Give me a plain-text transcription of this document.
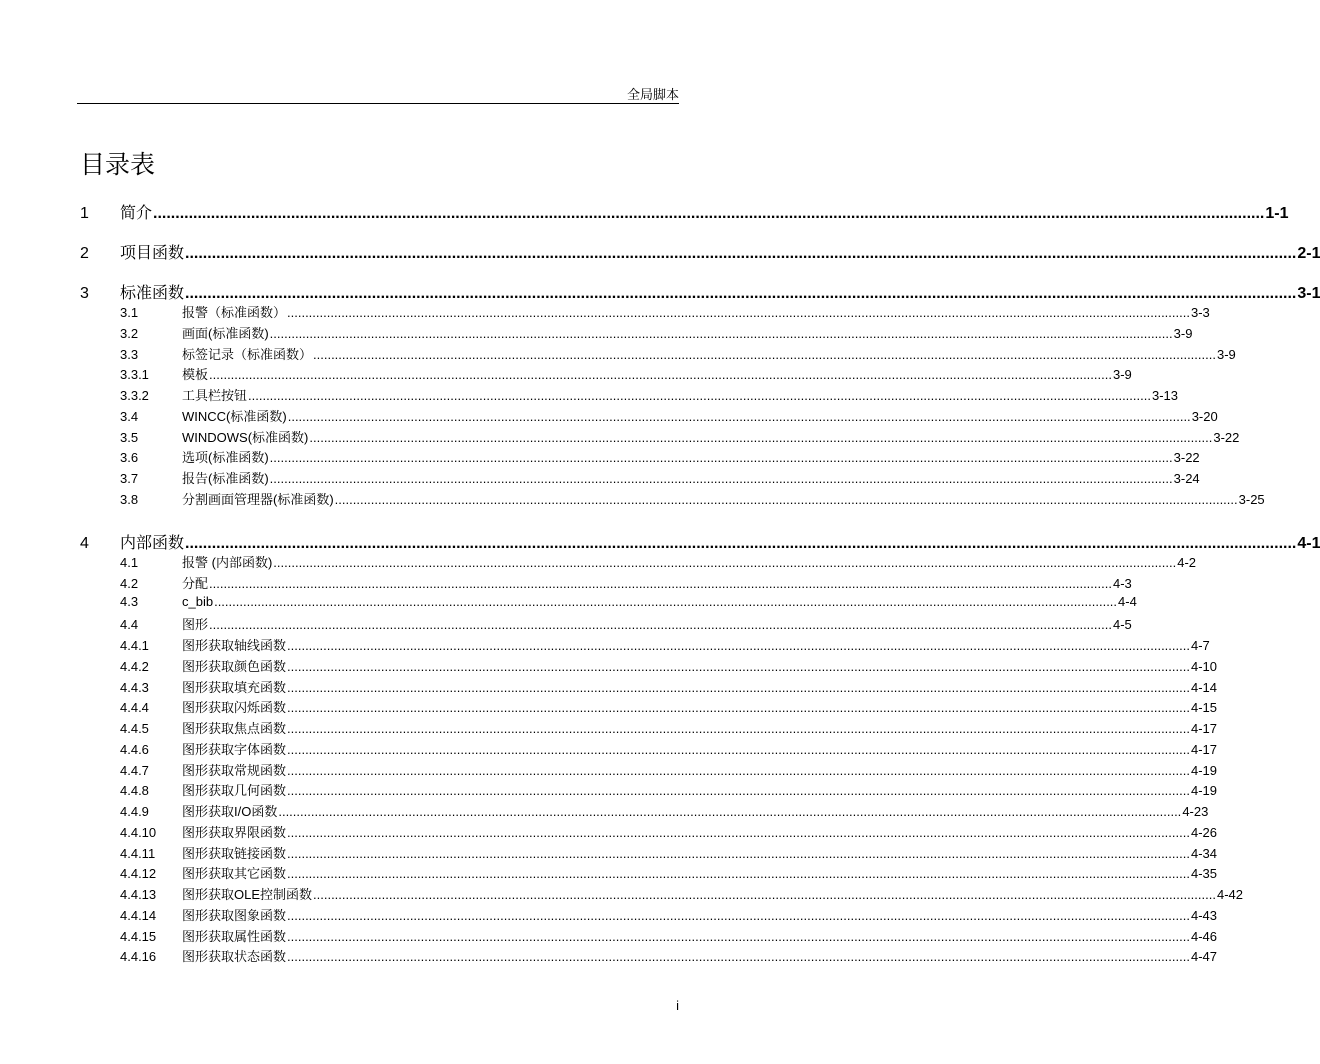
全局脚本
目录表
1	简介 .......................................................................................................................................................................................................................................................... 1-1
2	项目函数 .......................................................................................................................................................................................................................................................... 2-1
3	标准函数 .......................................................................................................................................................................................................................................................... 3-1
3.1	报警（标准函数） .......................................................................................................................................................................................................................................................... 3-3
3.2	画面(标准函数) .......................................................................................................................................................................................................................................................... 3-9
3.3	标签记录（标准函数） .......................................................................................................................................................................................................................................................... 3-9
3.3.1	模板 .......................................................................................................................................................................................................................................................... 3-9
3.3.2	工具栏按钮 .......................................................................................................................................................................................................................................................... 3-13
3.4	WINCC(标准函数) .......................................................................................................................................................................................................................................................... 3-20
3.5	WINDOWS(标准函数) .......................................................................................................................................................................................................................................................... 3-22
3.6	选项(标准函数) .......................................................................................................................................................................................................................................................... 3-22
3.7	报告(标准函数) .......................................................................................................................................................................................................................................................... 3-24
3.8	分割画面管理器(标准函数) .......................................................................................................................................................................................................................................................... 3-25
4	内部函数 .......................................................................................................................................................................................................................................................... 4-1
4.1	报警 (内部函数) .......................................................................................................................................................................................................................................................... 4-2
4.2	分配 .......................................................................................................................................................................................................................................................... 4-3
4.3	c_bib .......................................................................................................................................................................................................................................................... 4-4
4.4	图形 .......................................................................................................................................................................................................................................................... 4-5
4.4.1	图形获取轴线函数 .......................................................................................................................................................................................................................................................... 4-7
4.4.2	图形获取颜色函数 .......................................................................................................................................................................................................................................................... 4-10
4.4.3	图形获取填充函数 .......................................................................................................................................................................................................................................................... 4-14
4.4.4	图形获取闪烁函数 .......................................................................................................................................................................................................................................................... 4-15
4.4.5	图形获取焦点函数 .......................................................................................................................................................................................................................................................... 4-17
4.4.6	图形获取字体函数 .......................................................................................................................................................................................................................................................... 4-17
4.4.7	图形获取常规函数 .......................................................................................................................................................................................................................................................... 4-19
4.4.8	图形获取几何函数 .......................................................................................................................................................................................................................................................... 4-19
4.4.9	图形获取I/O函数 .......................................................................................................................................................................................................................................................... 4-23
4.4.10	图形获取界限函数 .......................................................................................................................................................................................................................................................... 4-26
4.4.11	图形获取链接函数 .......................................................................................................................................................................................................................................................... 4-34
4.4.12	图形获取其它函数 .......................................................................................................................................................................................................................................................... 4-35
4.4.13	图形获取OLE控制函数 .......................................................................................................................................................................................................................................................... 4-42
4.4.14	图形获取图象函数 .......................................................................................................................................................................................................................................................... 4-43
4.4.15	图形获取属性函数 .......................................................................................................................................................................................................................................................... 4-46
4.4.16	图形获取状态函数 .......................................................................................................................................................................................................................................................... 4-47
i
